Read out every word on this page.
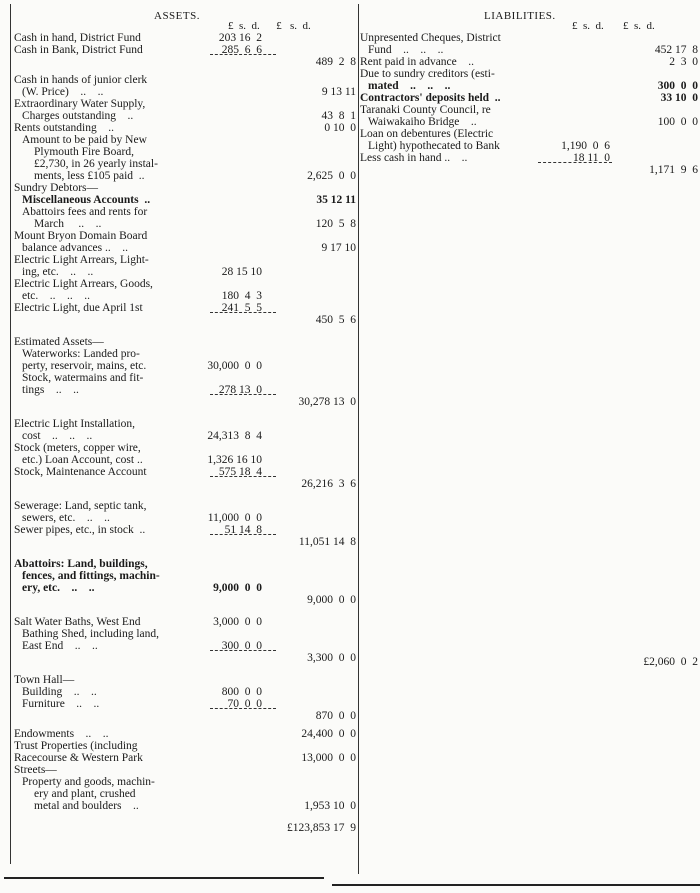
ASSETS.
£  s.  d.      £   s.  d.
Cash in hand, District Fund	203 16  2
Cash in Bank, District Fund	285  6  6

489  2  8
Cash in hands of junior clerk
(W. Price)    ..    ..	9 13 11
Extraordinary Water Supply,
Charges outstanding    ..	43  8  1
Rents outstanding    ..	0 10  0
Amount to be paid by New
Plymouth Fire Board,
£2,730, in 26 yearly instal-
ments, less £105 paid  ..	2,625  0  0
Sundry Debtors—
Miscellaneous Accounts  ..	35 12 11
Abattoirs fees and rents for
March     ..    ..	120  5  8
Mount Bryon Domain Board
balance advances ..    ..	9 17 10
Electric Light Arrears, Light-
ing, etc.    ..    ..	28 15 10
Electric Light Arrears, Goods,
etc.    ..    ..    ..	180  4  3
Electric Light, due April 1st	241  5  5

450  5  6
Estimated Assets—
Waterworks: Landed pro-
perty, reservoir, mains, etc.	30,000  0  0
Stock, watermains and fit-
tings    ..    ..	278 13  0

30,278 13  0
Electric Light Installation,
cost    ..    ..    ..	24,313  8  4
Stock (meters, copper wire,
etc.) Loan Account, cost ..	1,326 16 10
Stock, Maintenance Account	575 18  4

26,216  3  6
Sewerage: Land, septic tank,
sewers, etc.    ..    ..	11,000  0  0
Sewer pipes, etc., in stock  ..	51 14  8

11,051 14  8
Abattoirs: Land, buildings,
fences, and fittings, machin-
ery, etc.    ..    ..	9,000  0  0

9,000  0  0
Salt Water Baths, West End	3,000  0  0
Bathing Shed, including land,
East End    ..    ..	300  0  0

3,300  0  0
Town Hall—
Building    ..    ..	800  0  0
Furniture    ..    ..	70  0  0

870  0  0
Endowments    ..    ..	24,400  0  0
Trust Properties (including
Racecourse & Western Park	13,000  0  0
Streets—
Property and goods, machin-
ery and plant, crushed
metal and boulders    ..	1,953 10  0

£123,853 17  9
LIABILITIES.
£  s.  d.       £  s.  d.
Unpresented Cheques, District
Fund    ..    ..    ..	452 17  8
Rent paid in advance    ..	2  3  0
Due to sundry creditors (esti-
mated    ..    ..    ..	300  0  0
Contractors' deposits held  ..	33 10  0
Taranaki County Council, re
Waiwakaiho Bridge    ..	100  0  0
Loan on debentures (Electric
Light) hypothecated to Bank	1,190  0  6
Less cash in hand ..    ..	18 11  0

1,171  9  6

£2,060  0  2
